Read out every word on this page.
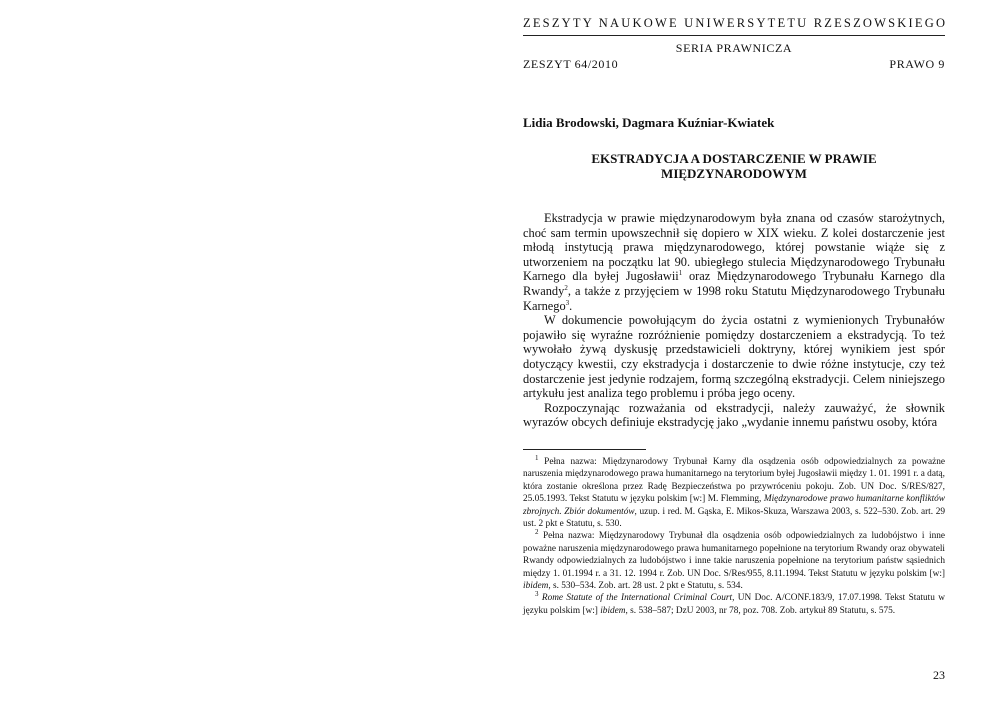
ZESZYTY NAUKOWE UNIWERSYTETU RZESZOWSKIEGO
SERIA PRAWNICZA
ZESZYT 64/2010	PRAWO 9
Lidia Brodowski, Dagmara Kuźniar-Kwiatek
EKSTRADYCJA A DOSTARCZENIE W PRAWIE
MIĘDZYNARODOWYM

Ekstradycja w prawie międzynarodowym była znana od czasów starożytnych, choć sam termin upowszechnił się dopiero w XIX wieku. Z kolei dostarczenie jest młodą instytucją prawa międzynarodowego, której powstanie wiąże się z utworzeniem na początku lat 90. ubiegłego stulecia Międzynarodowego Trybunału Karnego dla byłej Jugosławii$^1$ oraz Międzynarodowego Trybunału Karnego dla Rwandy$^2$, a także z przyjęciem w 1998 roku Statutu Międzynarodowego Trybunału Karnego$^3$.

W dokumencie powołującym do życia ostatni z wymienionych Trybunałów pojawiło się wyraźne rozróżnienie pomiędzy dostarczeniem a ekstradycją. To też wywołało żywą dyskusję przedstawicieli doktryny, której wynikiem jest spór dotyczący kwestii, czy ekstradycja i dostarczenie to dwie różne instytucje, czy też dostarczenie jest jedynie rodzajem, formą szczególną ekstradycji. Celem niniejszego artykułu jest analiza tego problemu i próba jego oceny.

Rozpoczynając rozważania od ekstradycji, należy zauważyć, że słownik wyrazów obcych definiuje ekstradycję jako „wydanie innemu państwu osoby, która

$^1$ Pełna nazwa: Międzynarodowy Trybunał Karny dla osądzenia osób odpowiedzialnych za poważne naruszenia międzynarodowego prawa humanitarnego na terytorium byłej Jugosławii między 1. 01. 1991 r. a datą, która zostanie określona przez Radę Bezpieczeństwa po przywróceniu pokoju. Zob. UN Doc. S/RES/827, 25.05.1993. Tekst Statutu w języku polskim [w:] M. Flemming, Międzynarodowe prawo humanitarne konfliktów zbrojnych. Zbiór dokumentów, uzup. i red. M. Gąska, E. Mikos-Skuza, Warszawa 2003, s. 522–530. Zob. art. 29 ust. 2 pkt e Statutu, s. 530.

$^2$ Pełna nazwa: Międzynarodowy Trybunał dla osądzenia osób odpowiedzialnych za ludobójstwo i inne poważne naruszenia międzynarodowego prawa humanitarnego popełnione na terytorium Rwandy oraz obywateli Rwandy odpowiedzialnych za ludobójstwo i inne takie naruszenia popełnione na terytorium państw sąsiednich między 1. 01.1994 r. a 31. 12. 1994 r. Zob. UN Doc. S/Res/955, 8.11.1994. Tekst Statutu w języku polskim [w:] ibidem, s. 530–534. Zob. art. 28 ust. 2 pkt e Statutu, s. 534.

$^3$ Rome Statute of the International Criminal Court, UN Doc. A/CONF.183/9, 17.07.1998. Tekst Statutu w języku polskim [w:] ibidem, s. 538–587; DzU 2003, nr 78, poz. 708. Zob. artykuł 89 Statutu, s. 575.

23
